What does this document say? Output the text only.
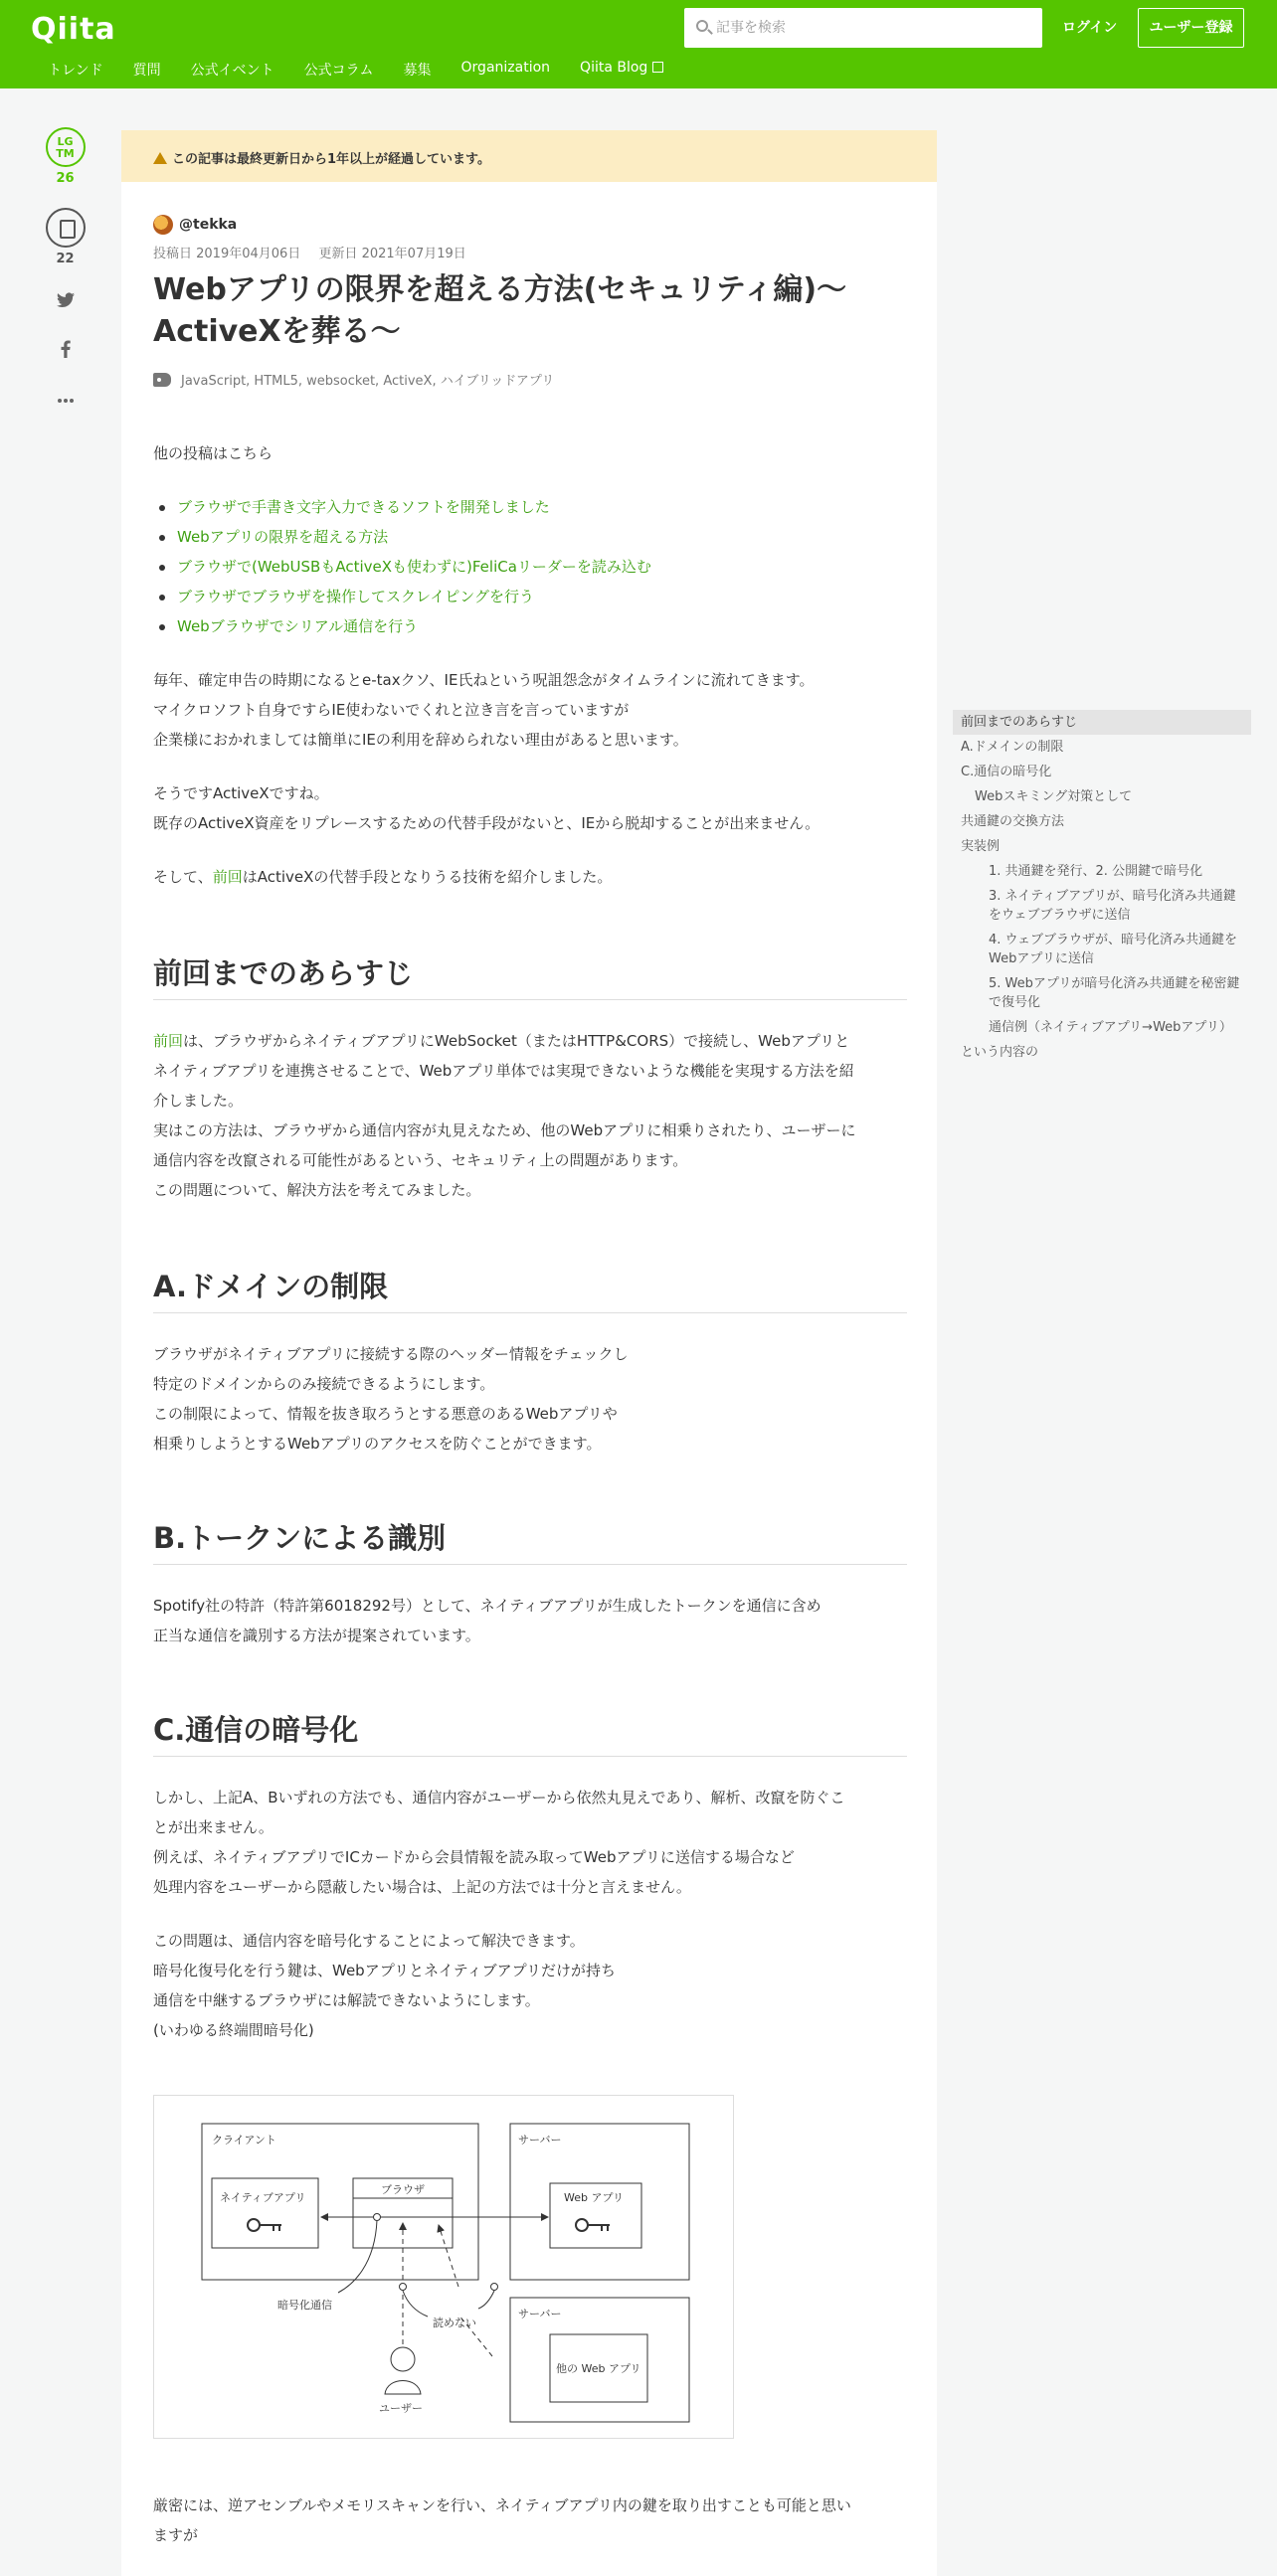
Qiita
記事を検索	ログイン	ユーザー登録
トレンド 質問 公式イベント 公式コラム 募集 Organization Qiita Blog
LG
TM
26
22
この記事は最終更新日から1年以上が経過しています。
@tekka
投稿日 2019年04月06日 更新日 2021年07月19日
Webアプリの限界を超える方法(セキュリティ編)～
ActiveXを葬る～
JavaScript, HTML5, websocket, ActiveX, ハイブリッドアプリ
他の投稿はこちら
ブラウザで手書き文字入力できるソフトを開発しました
Webアプリの限界を超える方法
ブラウザで(WebUSBもActiveXも使わずに)FeliCaリーダーを読み込む
ブラウザでブラウザを操作してスクレイピングを行う
Webブラウザでシリアル通信を行う
毎年、確定申告の時期になるとe-taxクソ、IE氏ねという呪詛怨念がタイムラインに流れてきます。
マイクロソフト自身ですらIE使わないでくれと泣き言を言っていますが
企業様におかれましては簡単にIEの利用を辞められない理由があると思います。
そうですActiveXですね。
既存のActiveX資産をリプレースするための代替手段がないと、IEから脱却することが出来ません。
そして、前回はActiveXの代替手段となりうる技術を紹介しました。
前回までのあらすじ
前回は、ブラウザからネイティブアプリにWebSocket（またはHTTP&CORS）で接続し、Webアプリと
ネイティブアプリを連携させることで、Webアプリ単体では実現できないような機能を実現する方法を紹
介しました。
実はこの方法は、ブラウザから通信内容が丸見えなため、他のWebアプリに相乗りされたり、ユーザーに
通信内容を改竄される可能性があるという、セキュリティ上の問題があります。
この問題について、解決方法を考えてみました。
A.ドメインの制限
ブラウザがネイティブアプリに接続する際のヘッダー情報をチェックし
特定のドメインからのみ接続できるようにします。
この制限によって、情報を抜き取ろうとする悪意のあるWebアプリや
相乗りしようとするWebアプリのアクセスを防ぐことができます。
B.トークンによる識別
Spotify社の特許（特許第6018292号）として、ネイティブアプリが生成したトークンを通信に含め
正当な通信を識別する方法が提案されています。
C.通信の暗号化
しかし、上記A、Bいずれの方法でも、通信内容がユーザーから依然丸見えであり、解析、改竄を防ぐこ
とが出来ません。
例えば、ネイティブアプリでICカードから会員情報を読み取ってWebアプリに送信する場合など
処理内容をユーザーから隠蔽したい場合は、上記の方法では十分と言えません。
この問題は、通信内容を暗号化することによって解決できます。
暗号化復号化を行う鍵は、Webアプリとネイティブアプリだけが持ち
通信を中継するブラウザには解読できないようにします。
(いわゆる終端間暗号化)
クライアント
ネイティブアプリ
ブラウザ
サーバー
Web アプリ
サーバー
他の Web アプリ
暗号化通信
読めない
ユーザー
厳密には、逆アセンブルやメモリスキャンを行い、ネイティブアプリ内の鍵を取り出すことも可能と思い
ますが
前回までのあらすじ
A.ドメインの制限
C.通信の暗号化
Webスキミング対策として
共通鍵の交換方法
実装例
1. 共通鍵を発行、2. 公開鍵で暗号化
3. ネイティブアプリが、暗号化済み共通鍵をウェブブラウザに送信
4. ウェブブラウザが、暗号化済み共通鍵をWebアプリに送信
5. Webアプリが暗号化済み共通鍵を秘密鍵で復号化
通信例（ネイティブアプリ→Webアプリ）
という内容の
